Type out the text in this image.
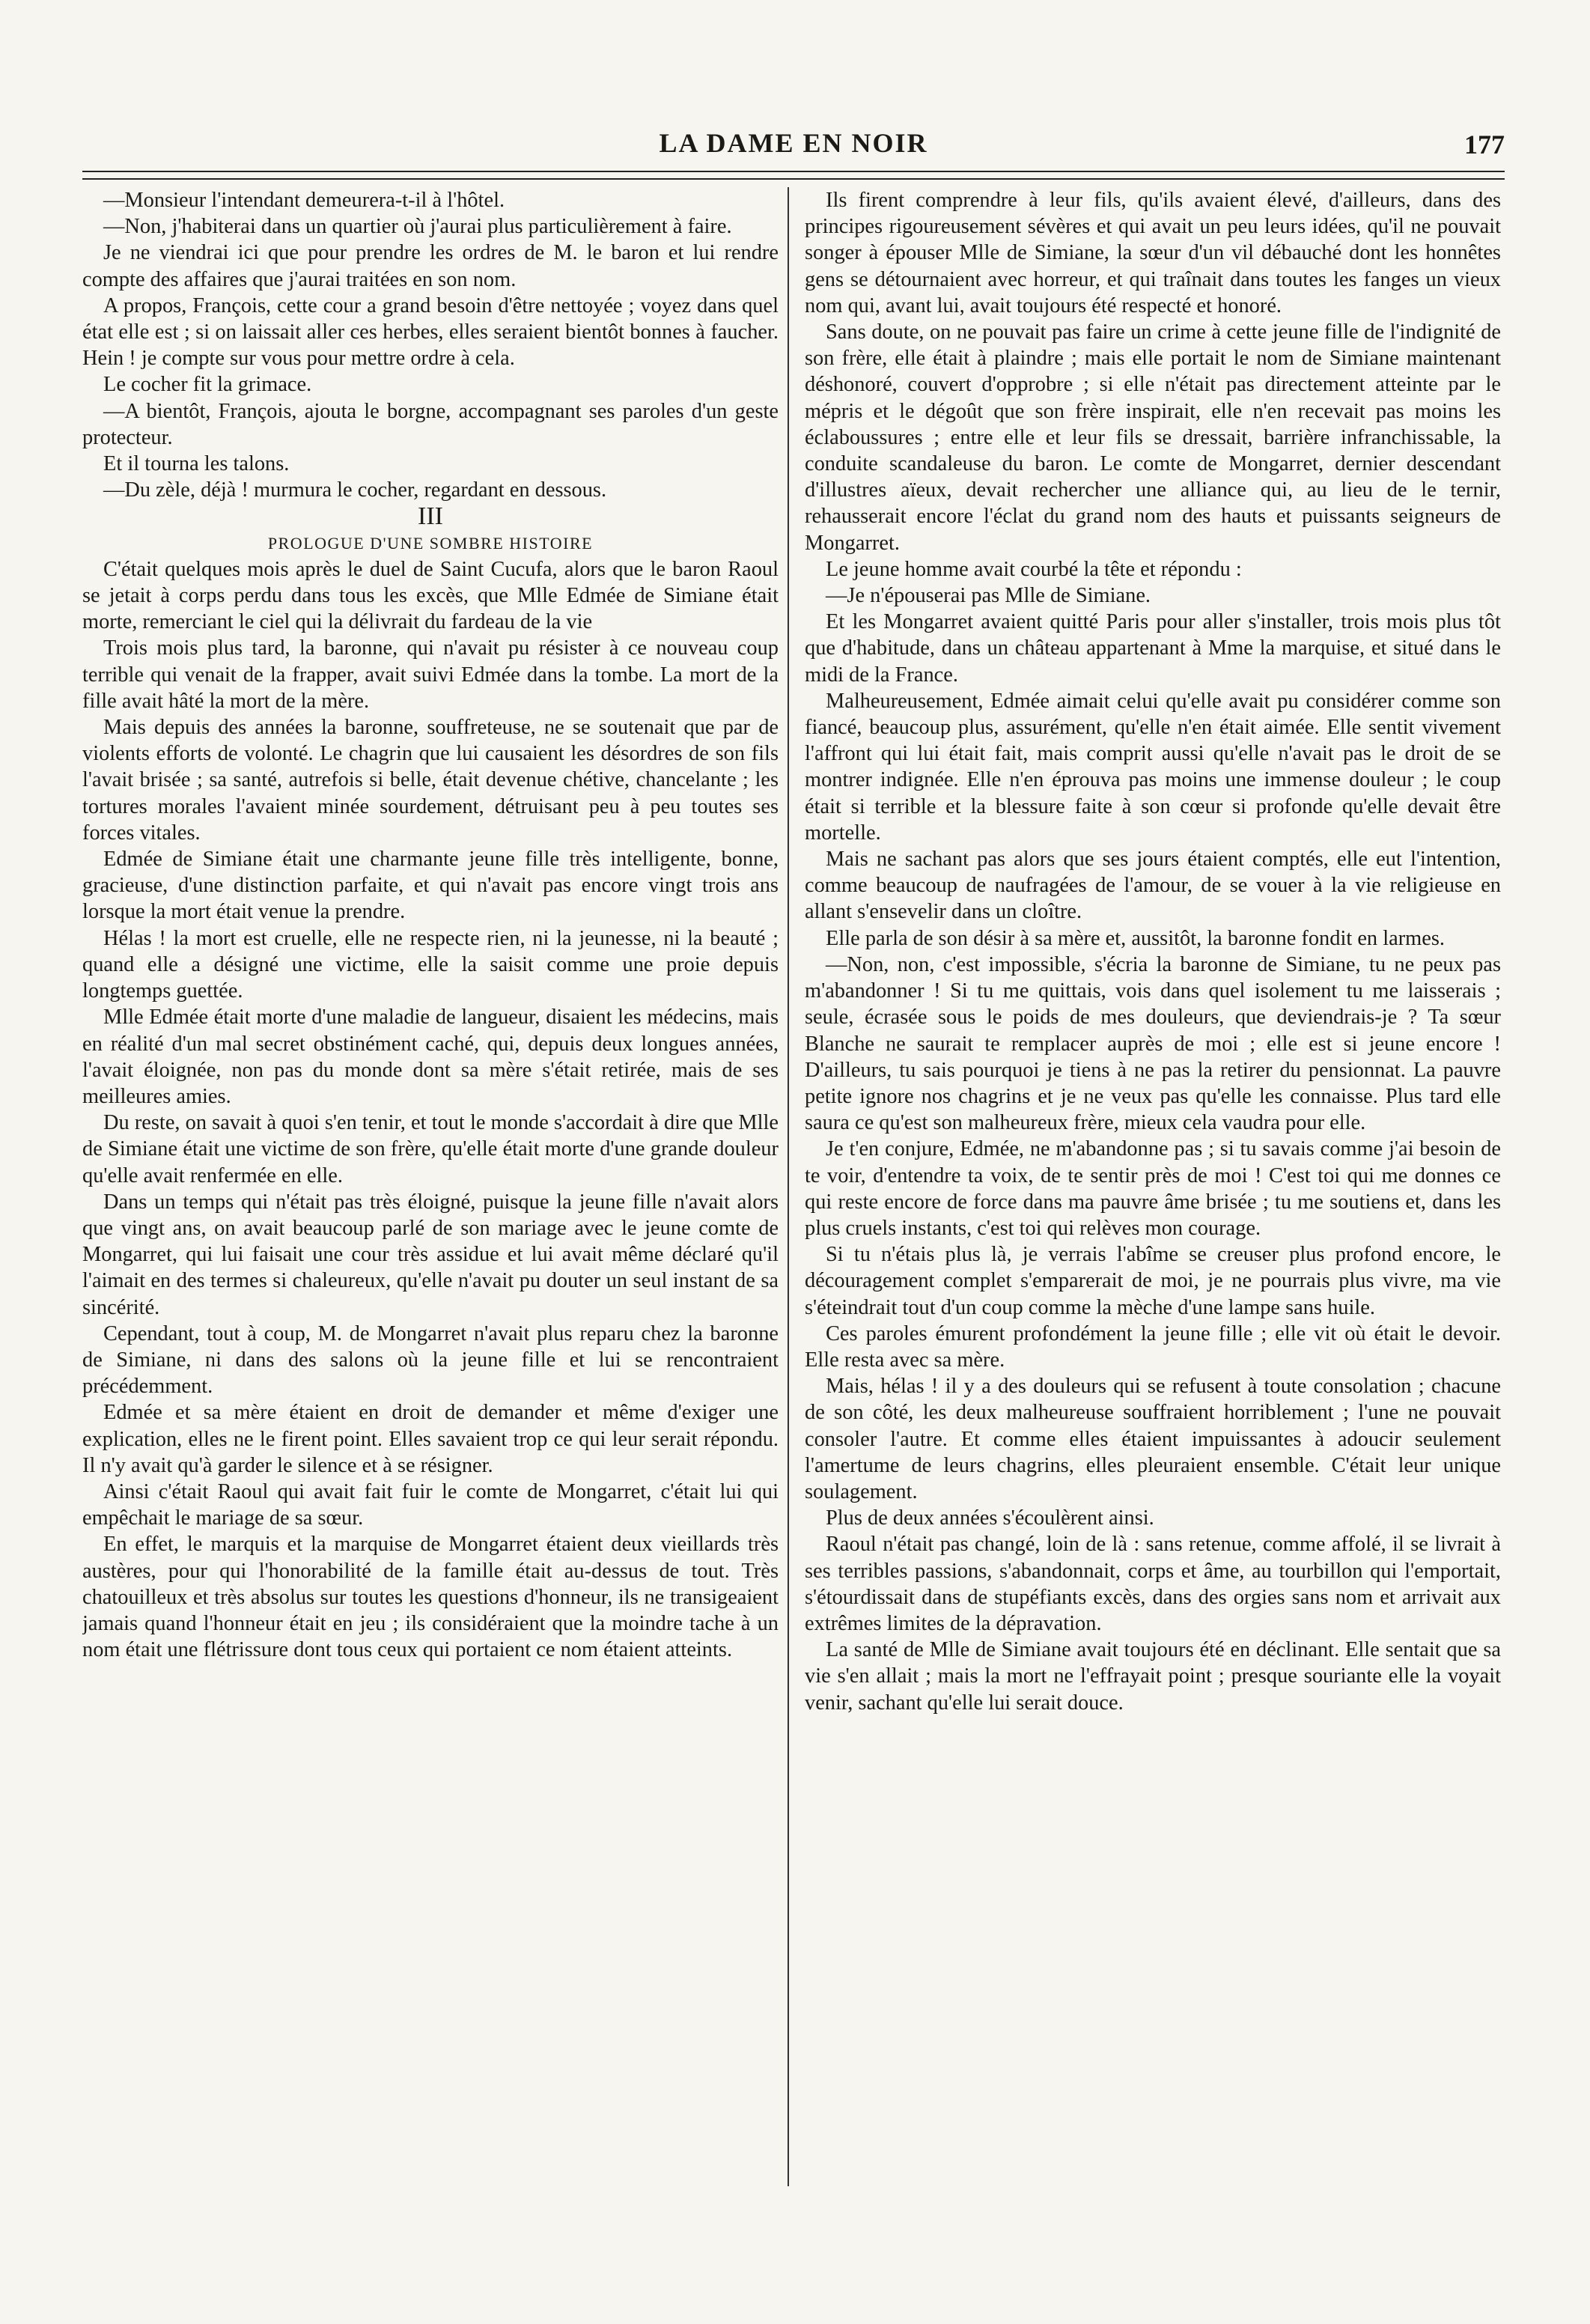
LA DAME EN NOIR	177

—Monsieur l'intendant demeurera-t-il à l'hôtel.

—Non, j'habiterai dans un quartier où j'aurai plus particulièrement à faire.

Je ne viendrai ici que pour prendre les ordres de M. le baron et lui rendre compte des affaires que j'aurai traitées en son nom.

A propos, François, cette cour a grand besoin d'être nettoyée ; voyez dans quel état elle est ; si on laissait aller ces herbes, elles seraient bientôt bonnes à faucher. Hein ! je compte sur vous pour mettre ordre à cela.

Le cocher fit la grimace.

—A bientôt, François, ajouta le borgne, accompagnant ses paroles d'un geste protecteur.

Et il tourna les talons.

—Du zèle, déjà ! murmura le cocher, regardant en dessous.

III

PROLOGUE D'UNE SOMBRE HISTOIRE

C'était quelques mois après le duel de Saint Cucufa, alors que le baron Raoul se jetait à corps perdu dans tous les excès, que Mlle Edmée de Simiane était morte, remerciant le ciel qui la délivrait du fardeau de la vie

Trois mois plus tard, la baronne, qui n'avait pu résister à ce nouveau coup terrible qui venait de la frapper, avait suivi Edmée dans la tombe. La mort de la fille avait hâté la mort de la mère.

Mais depuis des années la baronne, souffreteuse, ne se soutenait que par de violents efforts de volonté. Le chagrin que lui causaient les désordres de son fils l'avait brisée ; sa santé, autrefois si belle, était devenue chétive, chancelante ; les tortures morales l'avaient minée sourdement, détruisant peu à peu toutes ses forces vitales.

Edmée de Simiane était une charmante jeune fille très intelligente, bonne, gracieuse, d'une distinction parfaite, et qui n'avait pas encore vingt trois ans lorsque la mort était venue la prendre.

Hélas ! la mort est cruelle, elle ne respecte rien, ni la jeunesse, ni la beauté ; quand elle a désigné une victime, elle la saisit comme une proie depuis longtemps guettée.

Mlle Edmée était morte d'une maladie de langueur, disaient les médecins, mais en réalité d'un mal secret obstinément caché, qui, depuis deux longues années, l'avait éloignée, non pas du monde dont sa mère s'était retirée, mais de ses meilleures amies.

Du reste, on savait à quoi s'en tenir, et tout le monde s'accordait à dire que Mlle de Simiane était une victime de son frère, qu'elle était morte d'une grande douleur qu'elle avait renfermée en elle.

Dans un temps qui n'était pas très éloigné, puisque la jeune fille n'avait alors que vingt ans, on avait beaucoup parlé de son mariage avec le jeune comte de Mongarret, qui lui faisait une cour très assidue et lui avait même déclaré qu'il l'aimait en des termes si chaleureux, qu'elle n'avait pu douter un seul instant de sa sincérité.

Cependant, tout à coup, M. de Mongarret n'avait plus reparu chez la baronne de Simiane, ni dans des salons où la jeune fille et lui se rencontraient précédemment.

Edmée et sa mère étaient en droit de demander et même d'exiger une explication, elles ne le firent point. Elles savaient trop ce qui leur serait répondu. Il n'y avait qu'à garder le silence et à se résigner.

Ainsi c'était Raoul qui avait fait fuir le comte de Mongarret, c'était lui qui empêchait le mariage de sa sœur.

En effet, le marquis et la marquise de Mongarret étaient deux vieillards très austères, pour qui l'honorabilité de la famille était au-dessus de tout. Très chatouilleux et très absolus sur toutes les questions d'honneur, ils ne transigeaient jamais quand l'honneur était en jeu ; ils considéraient que la moindre tache à un nom était une flétrissure dont tous ceux qui portaient ce nom étaient atteints.

Ils firent comprendre à leur fils, qu'ils avaient élevé, d'ailleurs, dans des principes rigoureusement sévères et qui avait un peu leurs idées, qu'il ne pouvait songer à épouser Mlle de Simiane, la sœur d'un vil débauché dont les honnêtes gens se détournaient avec horreur, et qui traînait dans toutes les fanges un vieux nom qui, avant lui, avait toujours été respecté et honoré.

Sans doute, on ne pouvait pas faire un crime à cette jeune fille de l'indignité de son frère, elle était à plaindre ; mais elle portait le nom de Simiane maintenant déshonoré, couvert d'opprobre ; si elle n'était pas directement atteinte par le mépris et le dégoût que son frère inspirait, elle n'en recevait pas moins les éclaboussures ; entre elle et leur fils se dressait, barrière infranchissable, la conduite scandaleuse du baron. Le comte de Mongarret, dernier descendant d'illustres aïeux, devait rechercher une alliance qui, au lieu de le ternir, rehausserait encore l'éclat du grand nom des hauts et puissants seigneurs de Mongarret.

Le jeune homme avait courbé la tête et répondu :

—Je n'épouserai pas Mlle de Simiane.

Et les Mongarret avaient quitté Paris pour aller s'installer, trois mois plus tôt que d'habitude, dans un château appartenant à Mme la marquise, et situé dans le midi de la France.

Malheureusement, Edmée aimait celui qu'elle avait pu considérer comme son fiancé, beaucoup plus, assurément, qu'elle n'en était aimée. Elle sentit vivement l'affront qui lui était fait, mais comprit aussi qu'elle n'avait pas le droit de se montrer indignée. Elle n'en éprouva pas moins une immense douleur ; le coup était si terrible et la blessure faite à son cœur si profonde qu'elle devait être mortelle.

Mais ne sachant pas alors que ses jours étaient comptés, elle eut l'intention, comme beaucoup de naufragées de l'amour, de se vouer à la vie religieuse en allant s'ensevelir dans un cloître.

Elle parla de son désir à sa mère et, aussitôt, la baronne fondit en larmes.

—Non, non, c'est impossible, s'écria la baronne de Simiane, tu ne peux pas m'abandonner ! Si tu me quittais, vois dans quel isolement tu me laisserais ; seule, écrasée sous le poids de mes douleurs, que deviendrais-je ? Ta sœur Blanche ne saurait te remplacer auprès de moi ; elle est si jeune encore ! D'ailleurs, tu sais pourquoi je tiens à ne pas la retirer du pensionnat. La pauvre petite ignore nos chagrins et je ne veux pas qu'elle les connaisse. Plus tard elle saura ce qu'est son malheureux frère, mieux cela vaudra pour elle.

Je t'en conjure, Edmée, ne m'abandonne pas ; si tu savais comme j'ai besoin de te voir, d'entendre ta voix, de te sentir près de moi ! C'est toi qui me donnes ce qui reste encore de force dans ma pauvre âme brisée ; tu me soutiens et, dans les plus cruels instants, c'est toi qui relèves mon courage.

Si tu n'étais plus là, je verrais l'abîme se creuser plus profond encore, le découragement complet s'emparerait de moi, je ne pourrais plus vivre, ma vie s'éteindrait tout d'un coup comme la mèche d'une lampe sans huile.

Ces paroles émurent profondément la jeune fille ; elle vit où était le devoir. Elle resta avec sa mère.

Mais, hélas ! il y a des douleurs qui se refusent à toute consolation ; chacune de son côté, les deux malheureuse souffraient horriblement ; l'une ne pouvait consoler l'autre. Et comme elles étaient impuissantes à adoucir seulement l'amertume de leurs chagrins, elles pleuraient ensemble. C'était leur unique soulagement.

Plus de deux années s'écoulèrent ainsi.

Raoul n'était pas changé, loin de là : sans retenue, comme affolé, il se livrait à ses terribles passions, s'abandonnait, corps et âme, au tourbillon qui l'emportait, s'étourdissait dans de stupéfiants excès, dans des orgies sans nom et arrivait aux extrêmes limites de la dépravation.

La santé de Mlle de Simiane avait toujours été en déclinant. Elle sentait que sa vie s'en allait ; mais la mort ne l'effrayait point ; presque souriante elle la voyait venir, sachant qu'elle lui serait douce.
